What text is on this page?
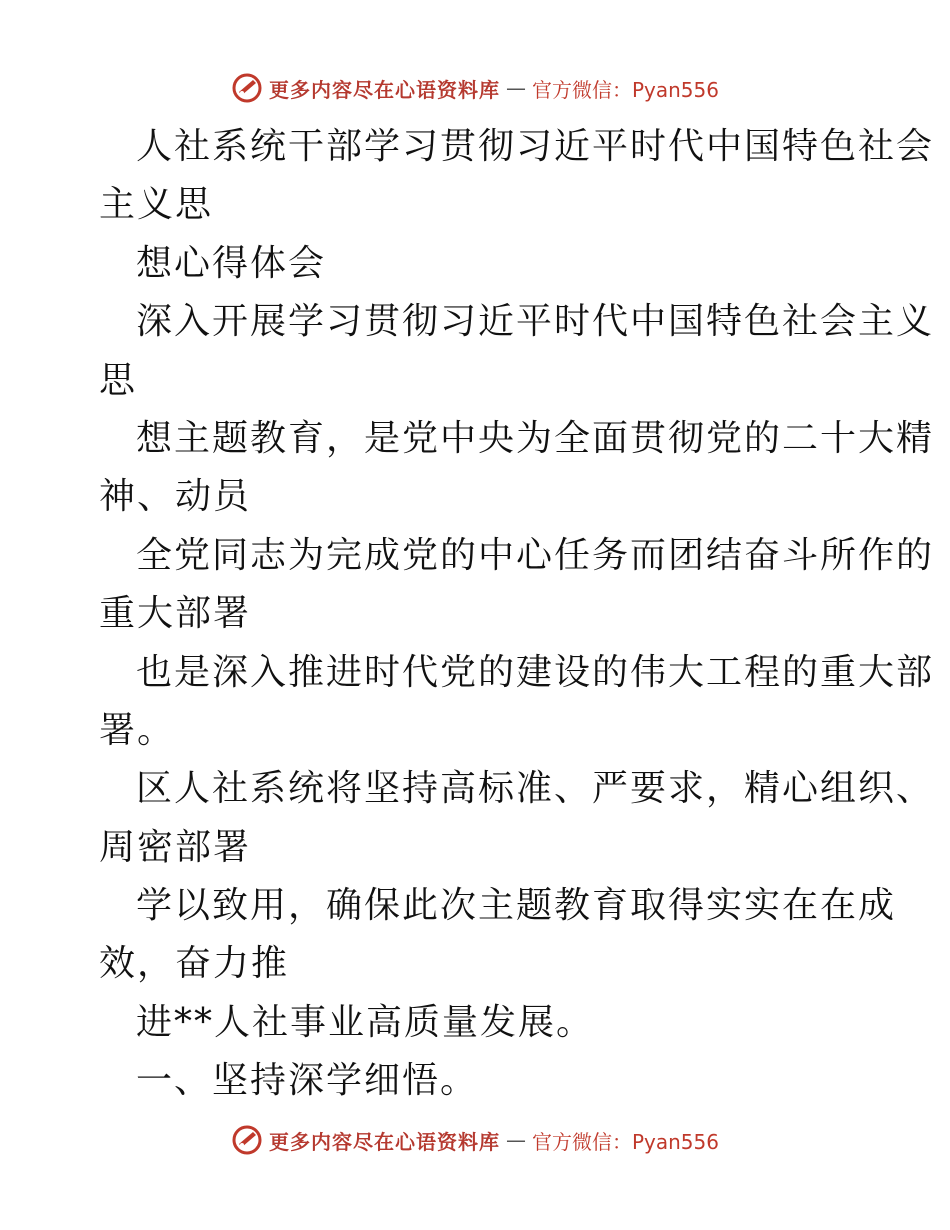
更多内容尽在心语资料库 — 官方微信：Pyan556
人社系统干部学习贯彻习近平时代中国特色社会
主义思
想心得体会
深入开展学习贯彻习近平时代中国特色社会主义
思
想主题教育，是党中央为全面贯彻党的二十大精
神、动员
全党同志为完成党的中心任务而团结奋斗所作的
重大部署
也是深入推进时代党的建设的伟大工程的重大部
署。
区人社系统将坚持高标准、严要求，精心组织、
周密部署
学以致用，确保此次主题教育取得实实在在成
效，奋力推
进**人社事业高质量发展。
一、坚持深学细悟。
更多内容尽在心语资料库 — 官方微信：Pyan556
